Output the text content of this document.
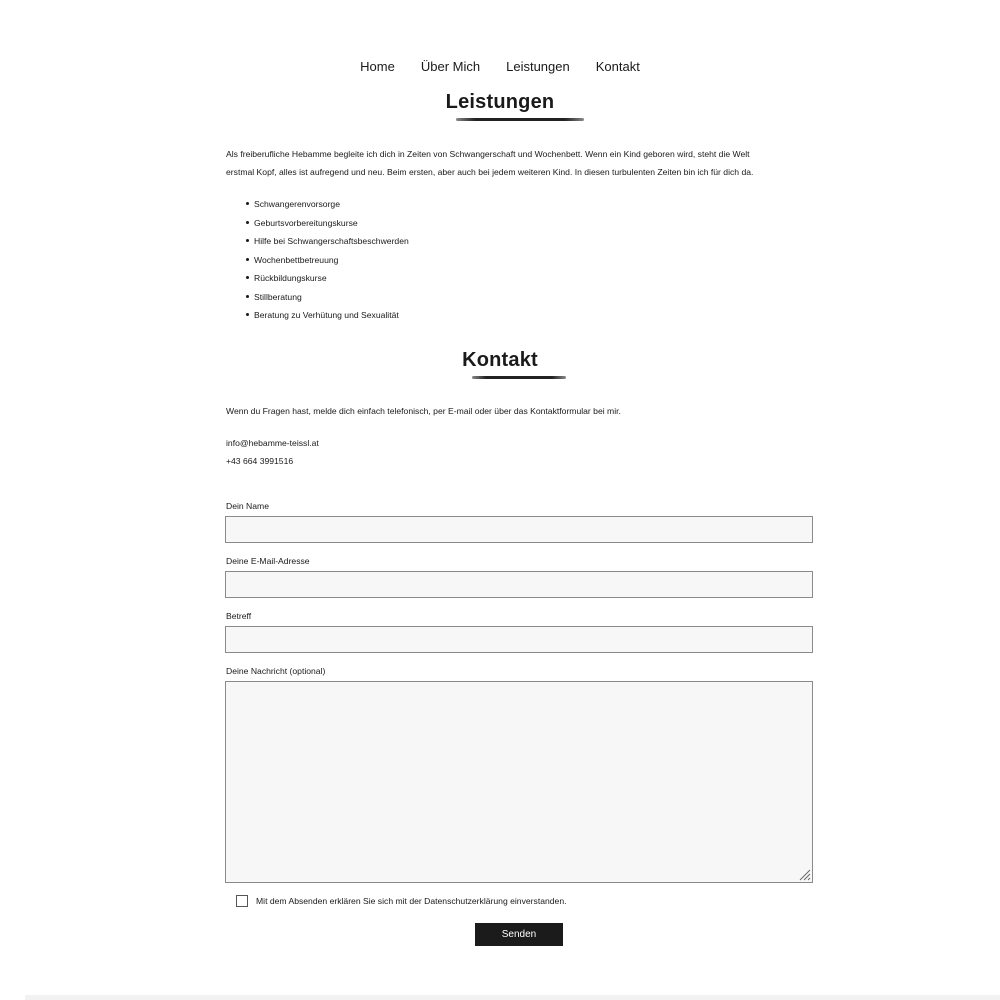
Home Über Mich Leistungen Kontakt
Leistungen
Als freiberufliche Hebamme begleite ich dich in Zeiten von Schwangerschaft und Wochenbett. Wenn ein Kind geboren wird, steht die Welt
erstmal Kopf, alles ist aufregend und neu. Beim ersten, aber auch bei jedem weiteren Kind. In diesen turbulenten Zeiten bin ich für dich da.
Schwangerenvorsorge
Geburtsvorbereitungskurse
Hilfe bei Schwangerschaftsbeschwerden
Wochenbettbetreuung
Rückbildungskurse
Stillberatung
Beratung zu Verhütung und Sexualität
Kontakt
Wenn du Fragen hast, melde dich einfach telefonisch, per E-mail oder über das Kontaktformular bei mir.
info@hebamme-teissl.at
+43 664 3991516
Dein Name
Deine E-Mail-Adresse
Betreff
Deine Nachricht (optional)
Mit dem Absenden erklären Sie sich mit der Datenschutzerklärung einverstanden.
Senden
